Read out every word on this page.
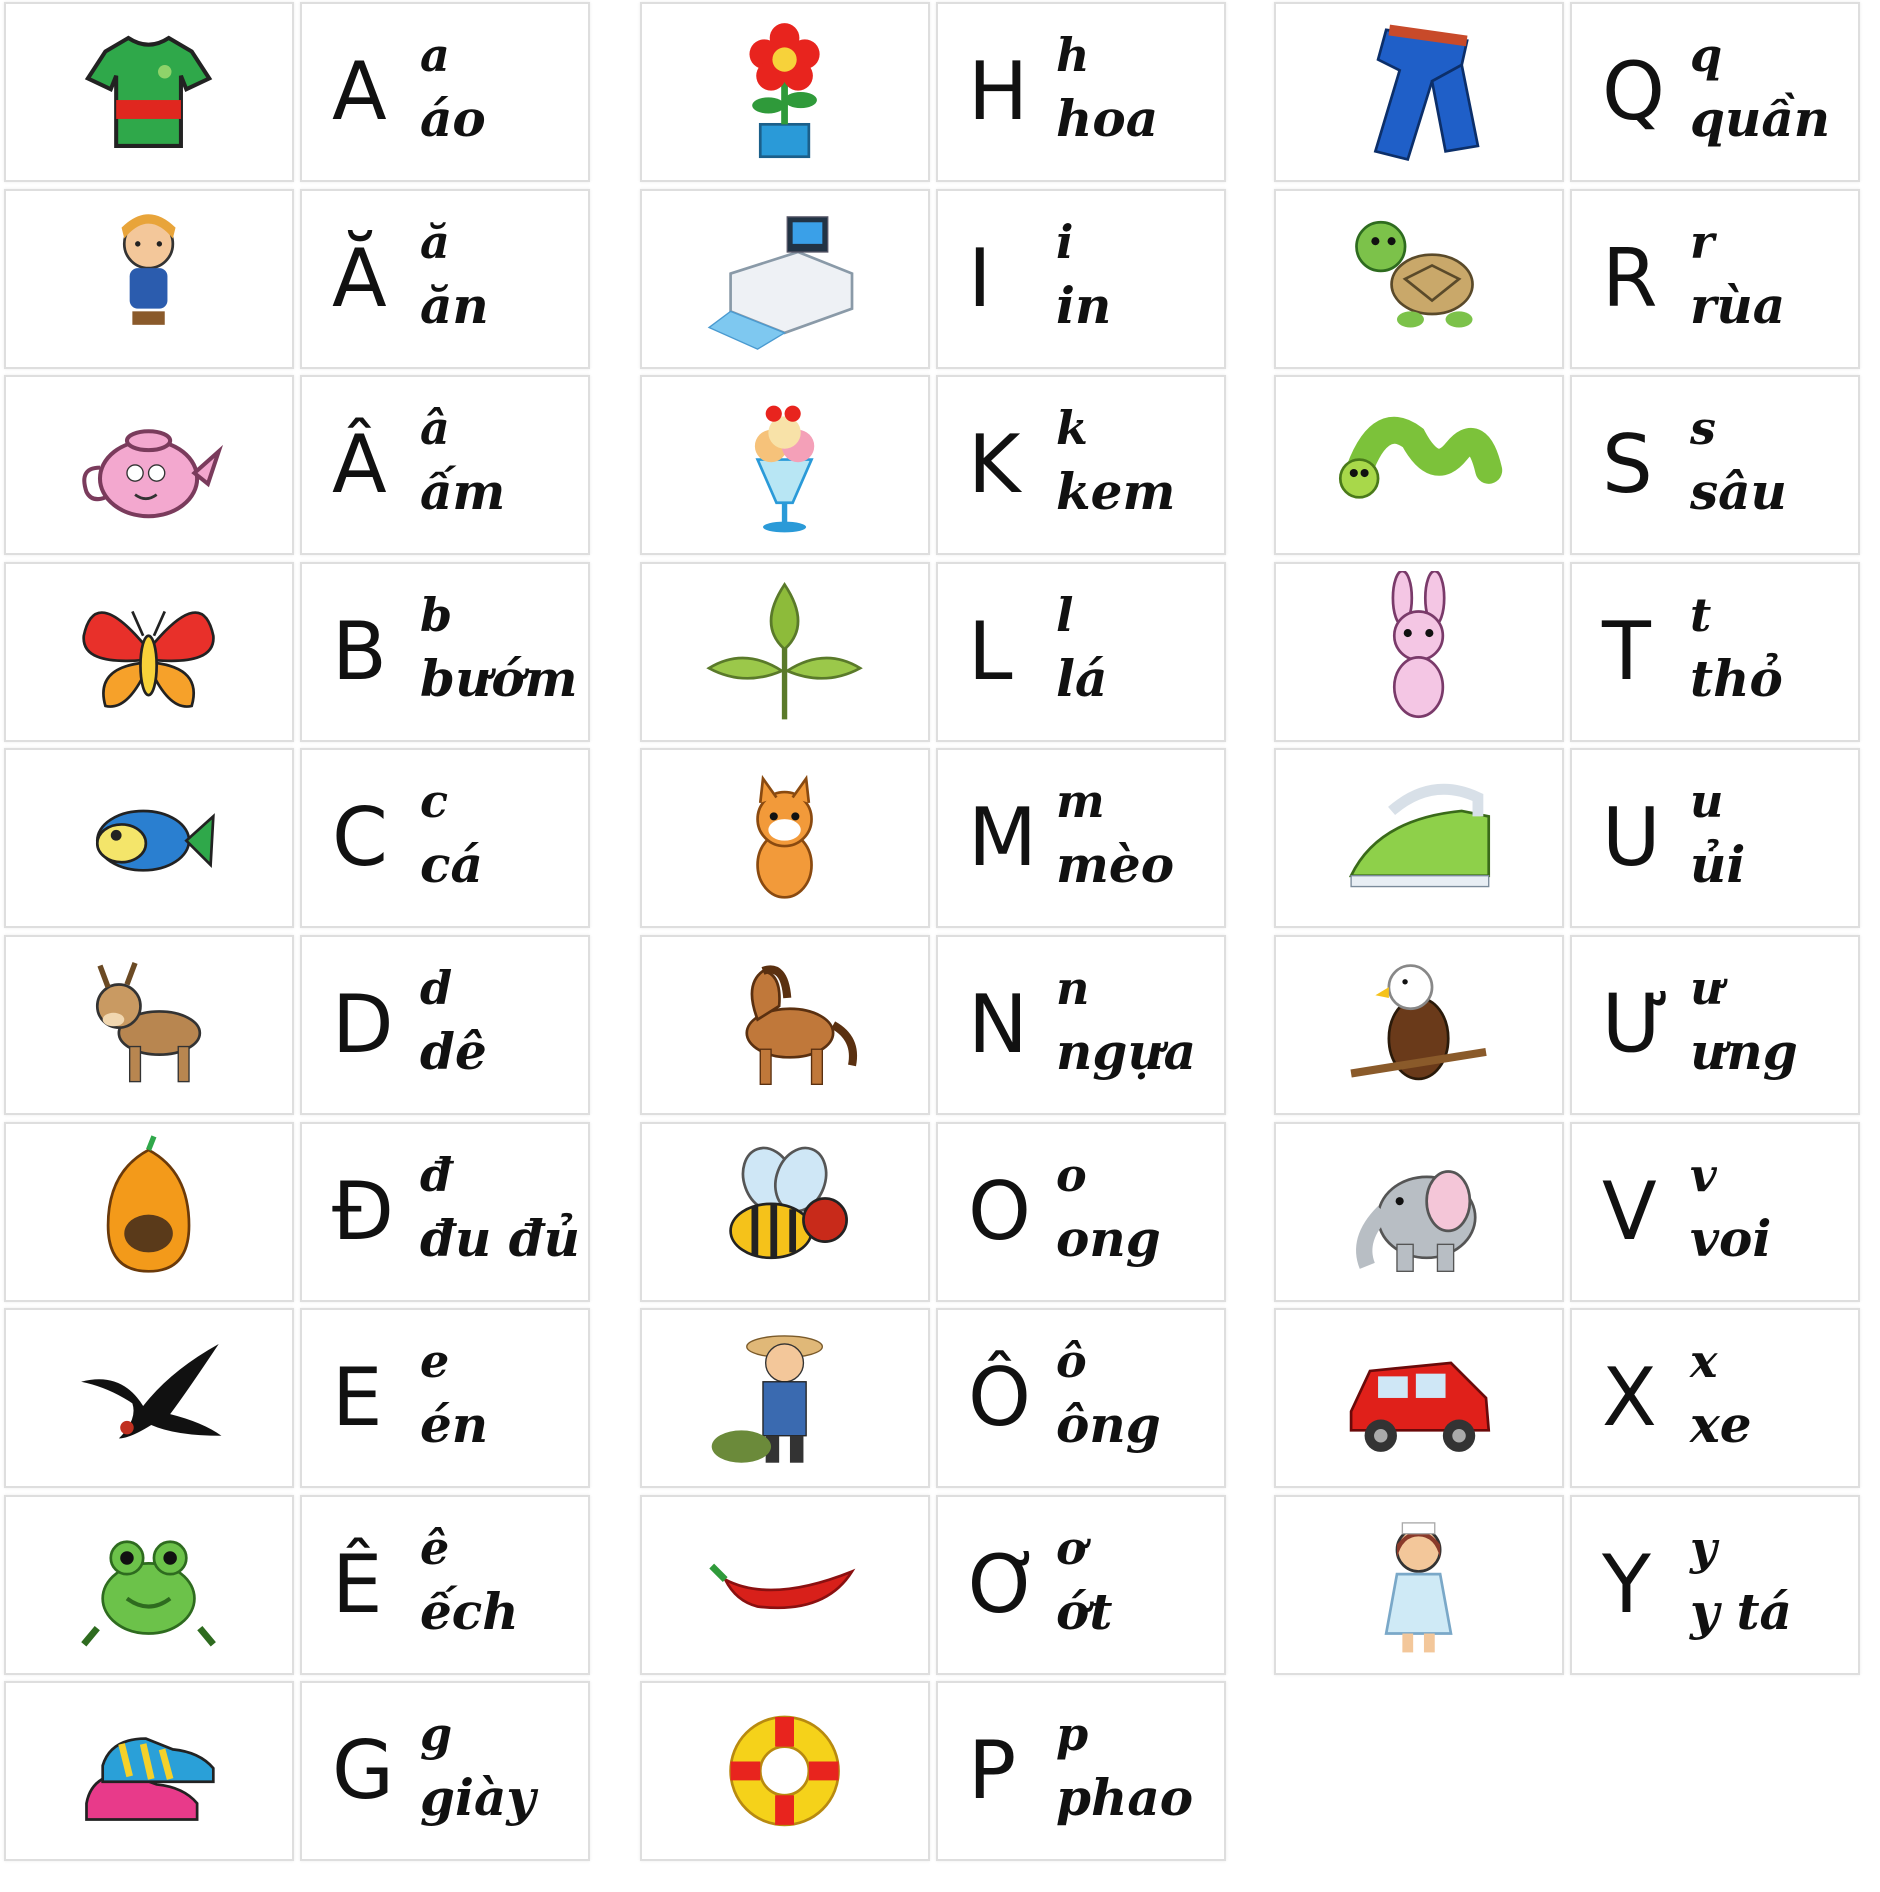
A a
áo
Ă ă
ăn
Â â
ấm
B b
bướm
C c
cá
D d
dê
Đ đ
đu đủ
E e
én
Ê ê
ếch
G g
giày
H h
hoa
I i
in
K k
kem
L l
lá
M m
mèo
N n
ngựa
O o
ong
Ô ô
ông
Ơ ơ
ớt
P p
phao
Q q
quần
R r
rùa
S s
sâu
T t
thỏ
U u
ủi
Ư ư
ưng
V v
voi
X x
xe
Y y
y tá
